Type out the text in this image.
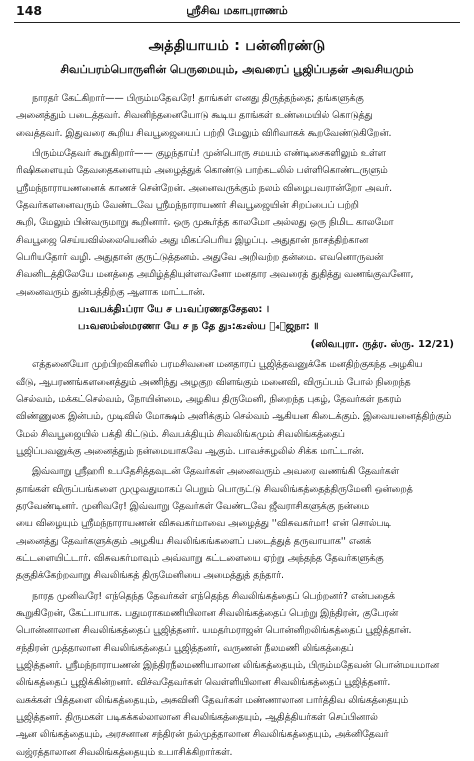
148	ஸ்ரீசிவ மகாபுராணம்
அத்தியாயம் : பன்னிரண்டு
சிவப்பரம்பொருளின் பெருமையும், அவரைப் பூஜிப்பதன் அவசியமும்
நாரதர் கேட்கிறார்—— பிரும்மதேவரே! தாங்கள் எனது திருத்தந்தை; தங்களுக்கு
அனைத்தும் படைத்தவர். சிவனிந்தனையோடு கூடிய தாங்கள் உண்மையில் கொடுத்து
வைத்தவர். இதுவரை கூறிய சிவபூஜையைப் பற்றி மேலும் விரிவாகக் கூறவேண்டுகிறேன்.
பிரும்மதேவர் கூறுகிறார்—— குழந்தாய்! முன்பொரு சமயம் எண்டிசைகளிலும் உள்ள
ரிஷிகளையும் தேவதைகளையும் அழைத்துக் கொண்டு பாற்கடலில் பள்ளிகொண்டருளும்
ஸ்ரீமந்நாராயணனைக் காணச் சென்றேன். அனைவருக்கும் நலம் விழைபவரான்றோ அவர்.
தேவர்களனைவரும் வேண்டவே ஸ்ரீமந்நாராயணர் சிவபூஜையின் சிறப்பைப் பற்றி
கூறி, மேலும் பின்வருமாறு கூறினார். ஒரு முகூர்த்த காலமோ அல்லது ஒரு நிமிட காலமோ
சிவபூஜை செய்யவில்லையெனில் அது மிகப்பெரிய இழப்பு. அதுதான் நாசத்திற்கான
பெரியதோர் வழி. அதுதான் குருட்டுத்தனம். அதுவே அறிவற்ற தன்மை. எவனொருவன்
சிவனிடத்திலேயே மனத்தை அமிழ்த்தியுள்ளவனோ மனதார அவரைத் துதித்து வணங்குவனோ,
அனைவரும் துன்பத்திற்கு ஆளாக மாட்டான்.
ப₁வபக்தி₁ப்ரா யே ச ப₁வப்ரணதசேதஸ: ।
ப₁வஸம்ஸ்மரணா யே ச ந தே து₃:க₂ஸ்ய ப₄ாஜநா: ॥
(ஸிவபுரா. ருத்ர. ஸ்ரு. 12/21)
எத்தனையோ முற்பிறவிகளில் பரமசிவனை மனதாரப் பூஜித்தவனுக்கே மனதிற்குகந்த அழகிய
வீடு, ஆபரணங்களனைத்தும் அணிந்து அழகுற விளங்கும் மனைவி, விருப்பம் போல் நிறைந்த
செல்வம், மக்கட்செல்வம், நோயின்மை, அழகிய திருமேனி, நிறைந்த புகழ், தேவர்கள் நகரம்
விண்ணுலக இன்பம், முடிவில் மோக்ஷம் அளிக்கும் செல்வம் ஆகியன கிடைக்கும். இவையனைத்திற்கும்
மேல் சிவபூஜையில் பக்தி கிட்டும். சிவபக்தியும் சிவலிங்கமும் சிவலிங்கத்தைப்
பூஜிப்பவனுக்கு அனைத்தும் நன்மையாகவே ஆகும். பாவச்சுழலில் சிக்க மாட்டான்.
இவ்வாறு ஸ்ரீஹரி உபதேசித்தவுடன் தேவர்கள் அனைவரும் அவரை வணங்கி தேவர்கள்
தாங்கள் விருப்பங்களை முழுவதுமாகப் பெறும் பொருட்டு சிவலிங்கத்தைத்திருமேனி ஒன்றைத்
தரவேண்டினர். முனிவரே! இவ்வாறு தேவர்கள் வேண்டவே ஜீவராசிகளுக்கு நன்மை
யை விழையும் ஸ்ரீமந்நாராயணன் விசுவகர்மாவை அழைத்து ''விசுவகர்மா! என் சொல்படி
அனைத்து தேவர்களுக்கும் அழகிய சிவலிங்கங்களைப் படைத்துத் தருவாயாக'' எனக்
கட்டளையிட்டார். விசுவகர்மாவும் அவ்வாறு கட்டளையை ஏற்று அந்தந்த தேவர்களுக்கு
தகுதிக்கேற்றவாறு சிவலிங்கத் திருமேனியை அமைத்துத் தந்தார்.
நாரத முனிவரே! எந்தெந்த தேவர்கள் எந்தெந்த சிவலிங்கத்தைப் பெற்றனர்? என்பதைக்
கூறுகிறேன், கேட்பாயாக. பதுமராகமணியிலான சிவலிங்கத்தைப் பெற்று இந்திரன், குபேரன்
பொன்னாலான சிவலிங்கத்தைப் பூஜித்தனர். யமதர்மராஜன் பொன்னிறலிங்கத்தைப் பூஜித்தான்.
சந்திரன் முத்தாலான சிவலிங்கத்தைப் பூஜித்தனர், வருணன் நீலமணி லிங்கத்தைப்
பூஜித்தனர். ஸ்ரீமந்நாராயணன் இந்திரநீலமணியாலான லிங்கத்தையும், பிரும்மதேவன் பொன்மயமான
லிங்கத்தைப் பூஜிக்கின்றனர். விச்வதேவர்கள் வெள்ளியிலான சிவலிங்கத்தைப் பூஜித்தனர்.
வசுக்கள் பித்தளை லிங்கத்தையும், அசுவினி தேவர்கள் மண்ணாலான பார்த்திவ லிங்கத்தையும்
பூஜித்தனர். திருமகள் படிகக்கல்லாலான சிவலிங்கத்தையும், ஆதித்தியர்கள் செப்பினால்
ஆன லிங்கத்தையும், அரசனான சந்திரன் நல்முத்தாலான சிவலிங்கத்தையும், அக்னிதேவர்
வஜ்ரத்தாலான சிவலிங்கத்தையும் உபாசிக்கிறார்கள்.
